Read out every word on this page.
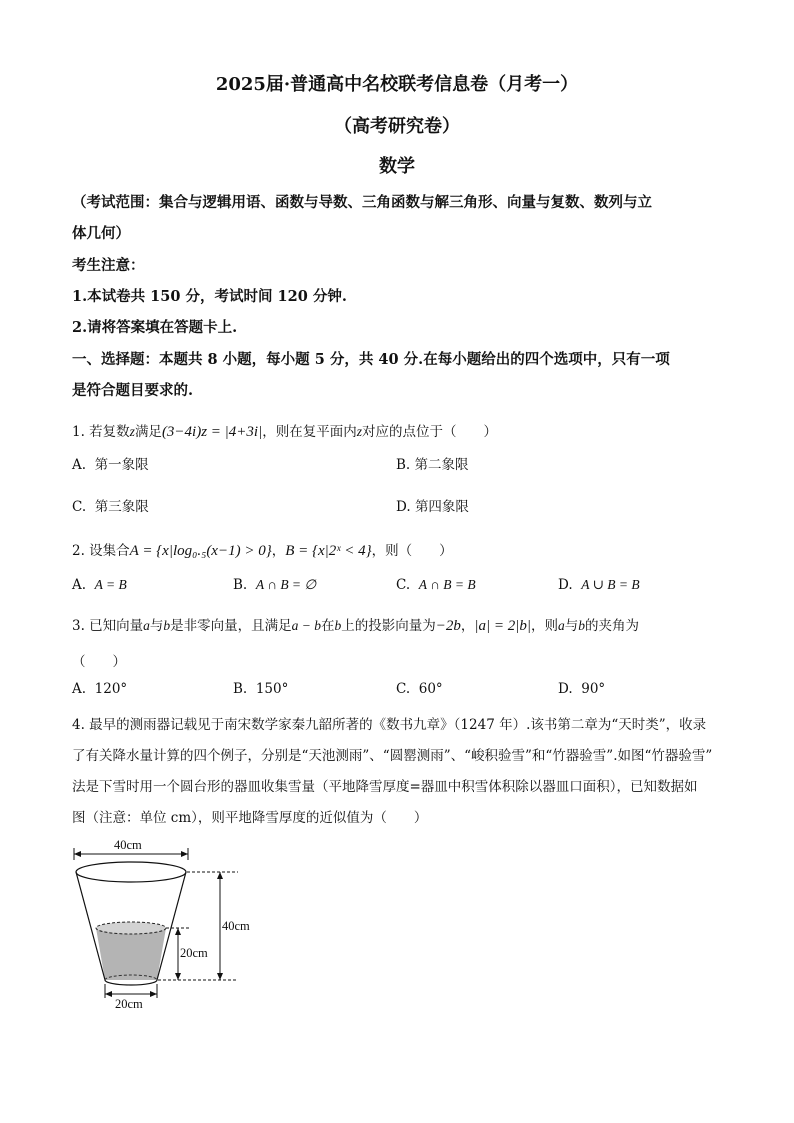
2025届·普通高中名校联考信息卷（月考一）
（高考研究卷）
数学
（考试范围：集合与逻辑用语、函数与导数、三角函数与解三角形、向量与复数、数列与立
体几何）
考生注意：
1.本试卷共 150 分，考试时间 120 分钟.
2.请将答案填在答题卡上.
一、选择题：本题共 8 小题，每小题 5 分，共 40 分.在每小题给出的四个选项中，只有一项
是符合题目要求的.
1. 若复数z满足(3−4i)z = |4+3i|，则在复平面内z对应的点位于（　　）
A. 第一象限	B. 第二象限
C. 第三象限	D. 第四象限
2. 设集合A = {x|log₀.₅(x−1) > 0}，B = {x|2ˣ < 4}，则（　　）
A. A = B	B. A ∩ B = ∅	C. A ∩ B = B	D. A ∪ B = B
3. 已知向量a与b是非零向量，且满足a − b在b上的投影向量为−2b，|a| = 2|b|，则a与b的夹角为
（　　）
A. 120°	B. 150°	C. 60°	D. 90°
4. 最早的测雨器记载见于南宋数学家秦九韶所著的《数书九章》（1247 年）.该书第二章为“天时类”，收录
了有关降水量计算的四个例子，分别是“天池测雨”、“圆罂测雨”、“峻积验雪”和“竹器验雪”.如图“竹器验雪”
法是下雪时用一个圆台形的器皿收集雪量（平地降雪厚度=器皿中积雪体积除以器皿口面积），已知数据如
图（注意：单位 cm），则平地降雪厚度的近似值为（　　）
40cm
40cm
20cm
20cm
